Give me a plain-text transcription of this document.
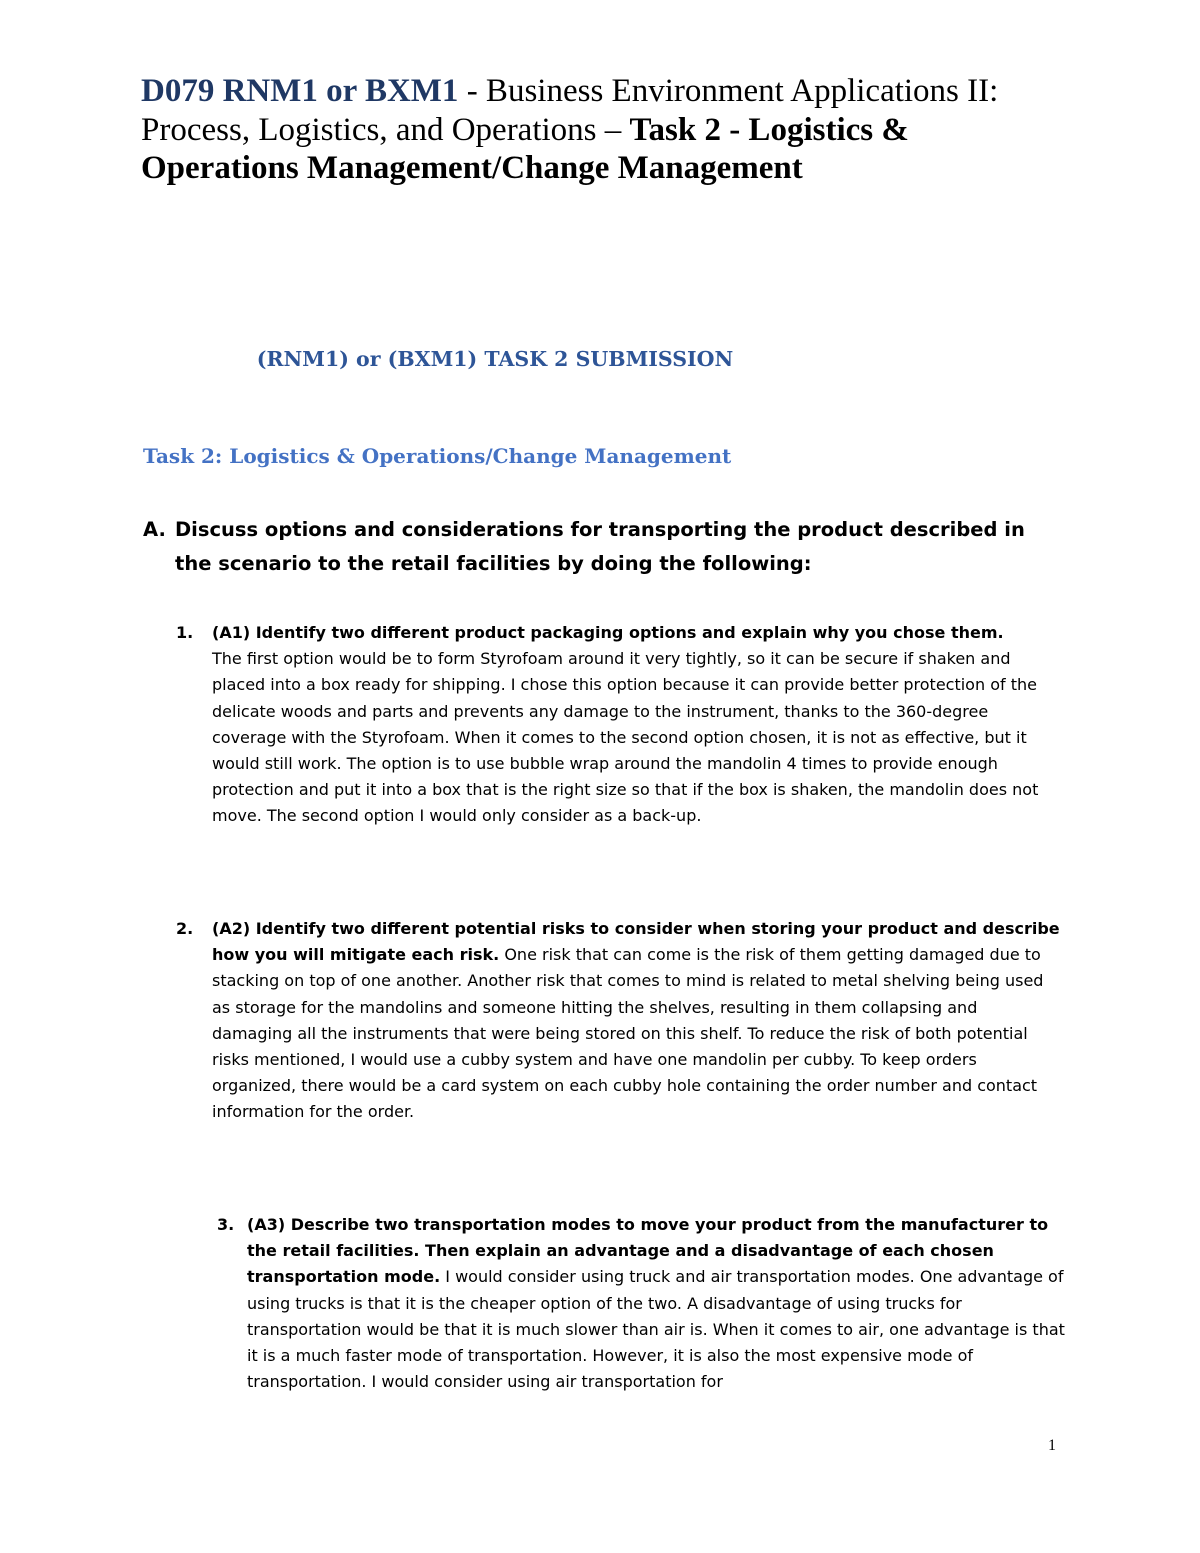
D079 RNM1 or BXM1 - Business Environment Applications II: Process, Logistics, and Operations – Task 2 - Logistics & Operations Management/Change Management
(RNM1) or (BXM1) TASK 2 SUBMISSION
Task 2: Logistics & Operations/Change Management
A. Discuss options and considerations for transporting the product described in
the scenario to the retail facilities by doing the following:
1. (A1) Identify two different product packaging options and explain why you chose them.
The first option would be to form Styrofoam around it very tightly, so it can be secure if shaken and placed into a box ready for shipping. I chose this option because it can provide better protection of the delicate woods and parts and prevents any damage to the instrument, thanks to the 360-degree coverage with the Styrofoam. When it comes to the second option chosen, it is not as effective, but it would still work. The option is to use bubble wrap around the mandolin 4 times to provide enough protection and put it into a box that is the right size so that if the box is shaken, the mandolin does not move. The second option I would only consider as a back-up.
2. (A2) Identify two different potential risks to consider when storing your product and describe how you will mitigate each risk. One risk that can come is the risk of them getting damaged due to stacking on top of one another. Another risk that comes to mind is related to metal shelving being used as storage for the mandolins and someone hitting the shelves, resulting in them collapsing and damaging all the instruments that were being stored on this shelf. To reduce the risk of both potential risks mentioned, I would use a cubby system and have one mandolin per cubby. To keep orders organized, there would be a card system on each cubby hole containing the order number and contact information for the order.
3. (A3) Describe two transportation modes to move your product from the manufacturer to the retail facilities. Then explain an advantage and a disadvantage of each chosen transportation mode. I would consider using truck and air transportation modes. One advantage of using trucks is that it is the cheaper option of the two. A disadvantage of using trucks for transportation would be that it is much slower than air is. When it comes to air, one advantage is that it is a much faster mode of transportation. However, it is also the most expensive mode of transportation. I would consider using air transportation for
1
